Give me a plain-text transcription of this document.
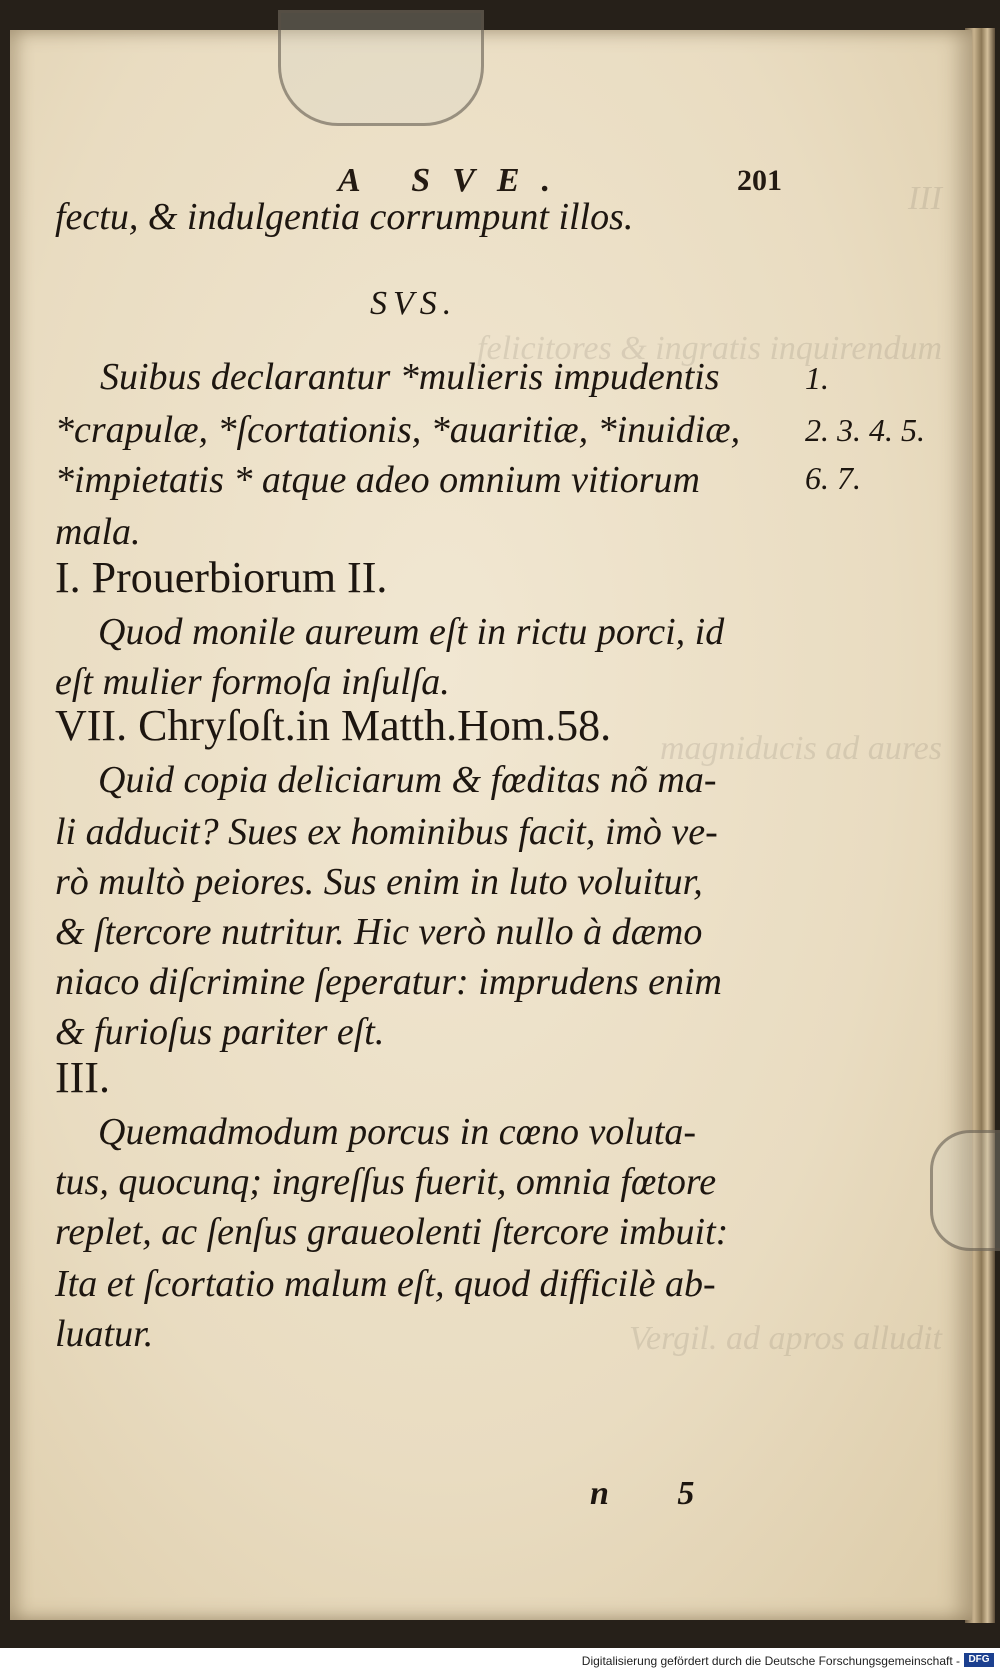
III
felicitores & ingratis inquirendum
magniducis ad aures
Vergil. ad apros alludit
A SVE.	201
fectu, & indulgentia corrumpunt illos.
SVS.
Suibus declarantur *mulieris impudentis
*crapulæ, *ſcortationis, *auaritiæ, *inuidiæ,
*impietatis * atque adeo omnium vitiorum
mala.
I. Prouerbiorum II.
Quod monile aureum eſt in rictu porci, id
eſt mulier formoſa inſulſa.
VII. Chryſoſt.in Matth.Hom.58.
Quid copia deliciarum & fœditas nõ ma-
li adducit? Sues ex hominibus facit, imò ve-
rò multò peiores. Sus enim in luto voluitur,
& ſtercore nutritur. Hic verò nullo à dæmo
niaco diſcrimine ſeperatur: imprudens enim
& furioſus pariter eſt.
III.
Quemadmodum porcus in cœno voluta-
tus, quocunq; ingreſſus fuerit, omnia fœtore
replet, ac ſenſus graueolenti ſtercore imbuit:
Ita et ſcortatio malum eſt, quod difficilè ab-
luatur.
1.
2. 3. 4. 5.
6. 7.
n 5
Digitalisierung gefördert durch die Deutsche Forschungsgemeinschaft - DFG
